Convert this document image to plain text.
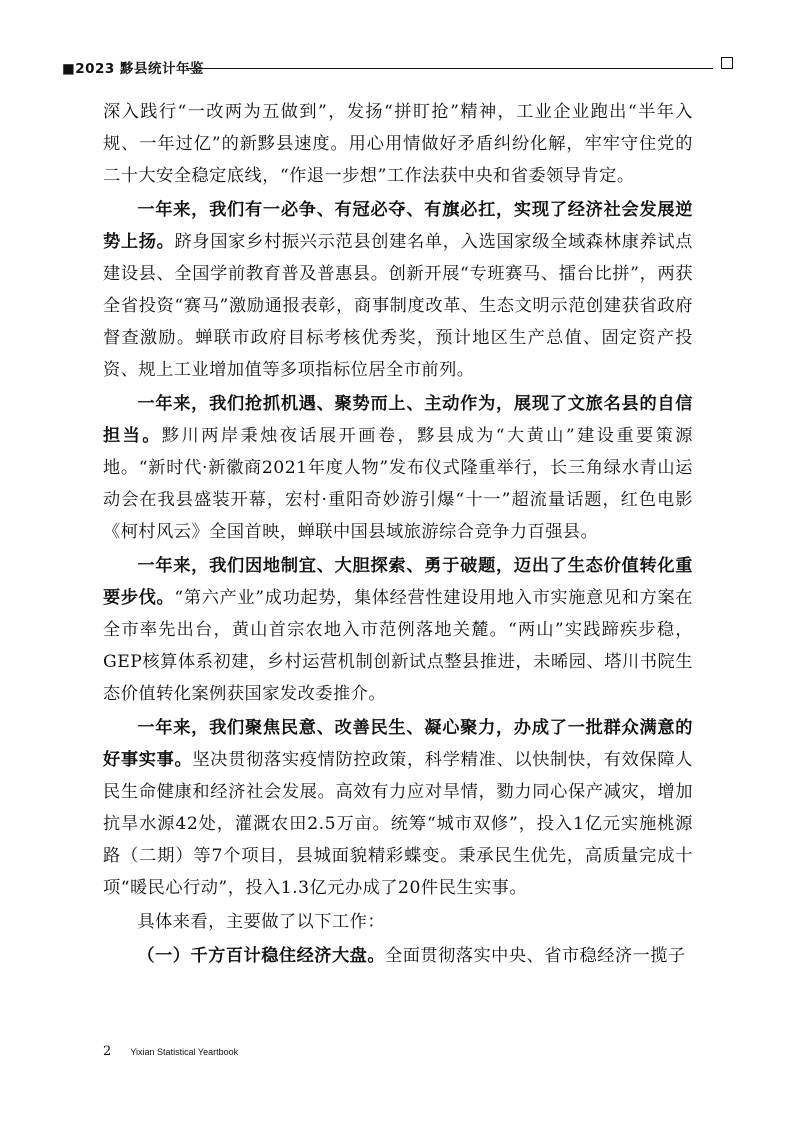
■2023 黟县统计年鉴

深入践行“一改两为五做到”，发扬“拼盯抢”精神，工业企业跑出“半年入规、一年过亿”的新黟县速度。用心用情做好矛盾纠纷化解，牢牢守住党的二十大安全稳定底线，“作退一步想”工作法获中央和省委领导肯定。

一年来，我们有一必争、有冠必夺、有旗必扛，实现了经济社会发展逆势上扬。跻身国家乡村振兴示范县创建名单，入选国家级全域森林康养试点建设县、全国学前教育普及普惠县。创新开展“专班赛马、擂台比拼”，两获全省投资“赛马”激励通报表彰，商事制度改革、生态文明示范创建获省政府督查激励。蝉联市政府目标考核优秀奖，预计地区生产总值、固定资产投资、规上工业增加值等多项指标位居全市前列。

一年来，我们抢抓机遇、聚势而上、主动作为，展现了文旅名县的自信担当。黟川两岸秉烛夜话展开画卷，黟县成为“大黄山”建设重要策源地。“新时代·新徽商2021年度人物”发布仪式隆重举行，长三角绿水青山运动会在我县盛装开幕，宏村·重阳奇妙游引爆“十一”超流量话题，红色电影《柯村风云》全国首映，蝉联中国县域旅游综合竞争力百强县。

一年来，我们因地制宜、大胆探索、勇于破题，迈出了生态价值转化重要步伐。“第六产业”成功起势，集体经营性建设用地入市实施意见和方案在全市率先出台，黄山首宗农地入市范例落地关麓。“两山”实践蹄疾步稳，GEP核算体系初建，乡村运营机制创新试点整县推进，未晞园、塔川书院生态价值转化案例获国家发改委推介。

一年来，我们聚焦民意、改善民生、凝心聚力，办成了一批群众满意的好事实事。坚决贯彻落实疫情防控政策，科学精准、以快制快，有效保障人民生命健康和经济社会发展。高效有力应对旱情，勠力同心保产减灾，增加抗旱水源42处，灌溉农田2.5万亩。统筹“城市双修”，投入1亿元实施桃源路（二期）等7个项目，县城面貌精彩蝶变。秉承民生优先，高质量完成十项“暖民心行动”，投入1.3亿元办成了20件民生实事。

具体来看，主要做了以下工作：

（一）千方百计稳住经济大盘。全面贯彻落实中央、省市稳经济一揽子

2 Yixian Statistical Yeartbook
